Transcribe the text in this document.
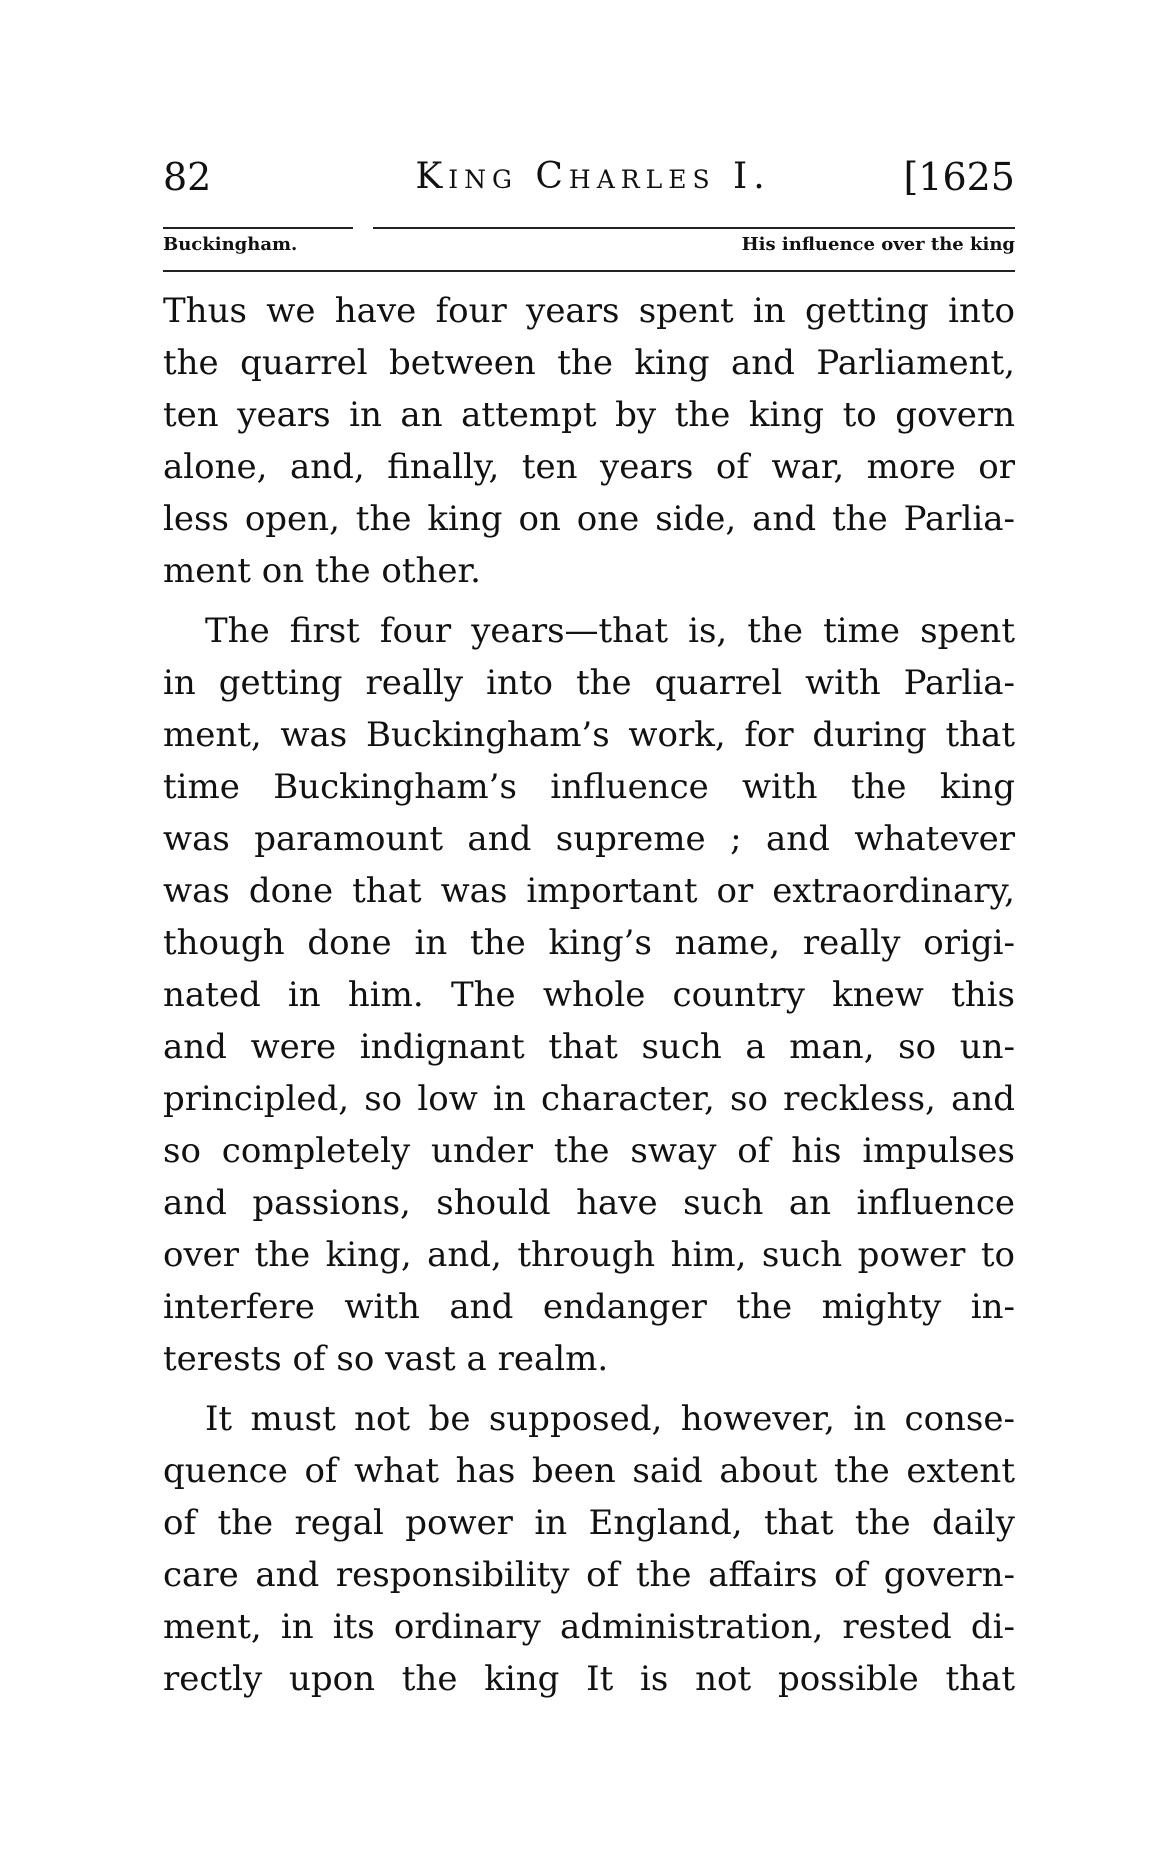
82	King Charles I.	[1625
Buckingham.	His influence over the king
Thus we have four years spent in getting into
the quarrel between the king and Parliament,
ten years in an attempt by the king to govern
alone, and, finally, ten years of war, more or
less open, the king on one side, and the Parlia-
ment on the other.
The first four years—that is, the time spent
in getting really into the quarrel with Parlia-
ment, was Buckingham’s work, for during that
time Buckingham’s influence with the king
was paramount and supreme ; and whatever
was done that was important or extraordinary,
though done in the king’s name, really origi-
nated in him. The whole country knew this
and were indignant that such a man, so un-
principled, so low in character, so reckless, and
so completely under the sway of his impulses
and passions, should have such an influence
over the king, and, through him, such power to
interfere with and endanger the mighty in-
terests of so vast a realm.
It must not be supposed, however, in conse-
quence of what has been said about the extent
of the regal power in England, that the daily
care and responsibility of the affairs of govern-
ment, in its ordinary administration, rested di-
rectly upon the king It is not possible that
